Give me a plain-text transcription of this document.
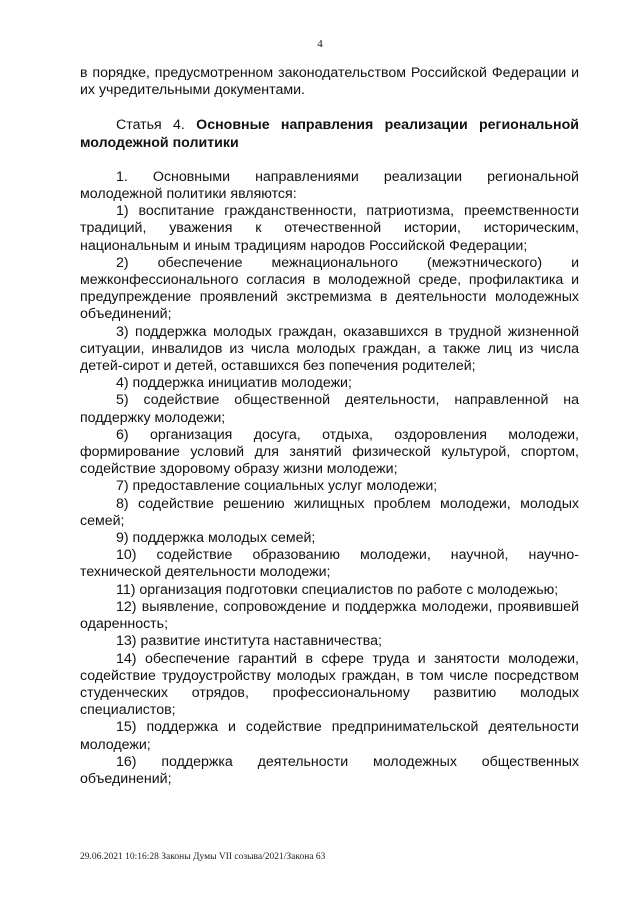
4

в порядке, предусмотренном законодательством Российской Федерации и их учредительными документами.

Статья 4. Основные направления реализации региональной молодежной политики

1. Основными направлениями реализации региональной молодежной политики являются:

1) воспитание гражданственности, патриотизма, преемственности традиций, уважения к отечественной истории, историческим, национальным и иным традициям народов Российской Федерации;

2) обеспечение межнационального (межэтнического) и межконфессионального согласия в молодежной среде, профилактика и предупреждение проявлений экстремизма в деятельности молодежных объединений;

3) поддержка молодых граждан, оказавшихся в трудной жизненной ситуации, инвалидов из числа молодых граждан, а также лиц из числа детей-сирот и детей, оставшихся без попечения родителей;

4) поддержка инициатив молодежи;

5) содействие общественной деятельности, направленной на поддержку молодежи;

6) организация досуга, отдыха, оздоровления молодежи, формирование условий для занятий физической культурой, спортом, содействие здоровому образу жизни молодежи;

7) предоставление социальных услуг молодежи;

8) содействие решению жилищных проблем молодежи, молодых семей;

9) поддержка молодых семей;

10) содействие образованию молодежи, научной, научно-технической деятельности молодежи;

11) организация подготовки специалистов по работе с молодежью;

12) выявление, сопровождение и поддержка молодежи, проявившей одаренность;

13) развитие института наставничества;

14) обеспечение гарантий в сфере труда и занятости молодежи, содействие трудоустройству молодых граждан, в том числе посредством студенческих отрядов, профессиональному развитию молодых специалистов;

15) поддержка и содействие предпринимательской деятельности молодежи;

16) поддержка деятельности молодежных общественных объединений;

29.06.2021 10:16:28 Законы Думы VII созыва/2021/Закона 63
